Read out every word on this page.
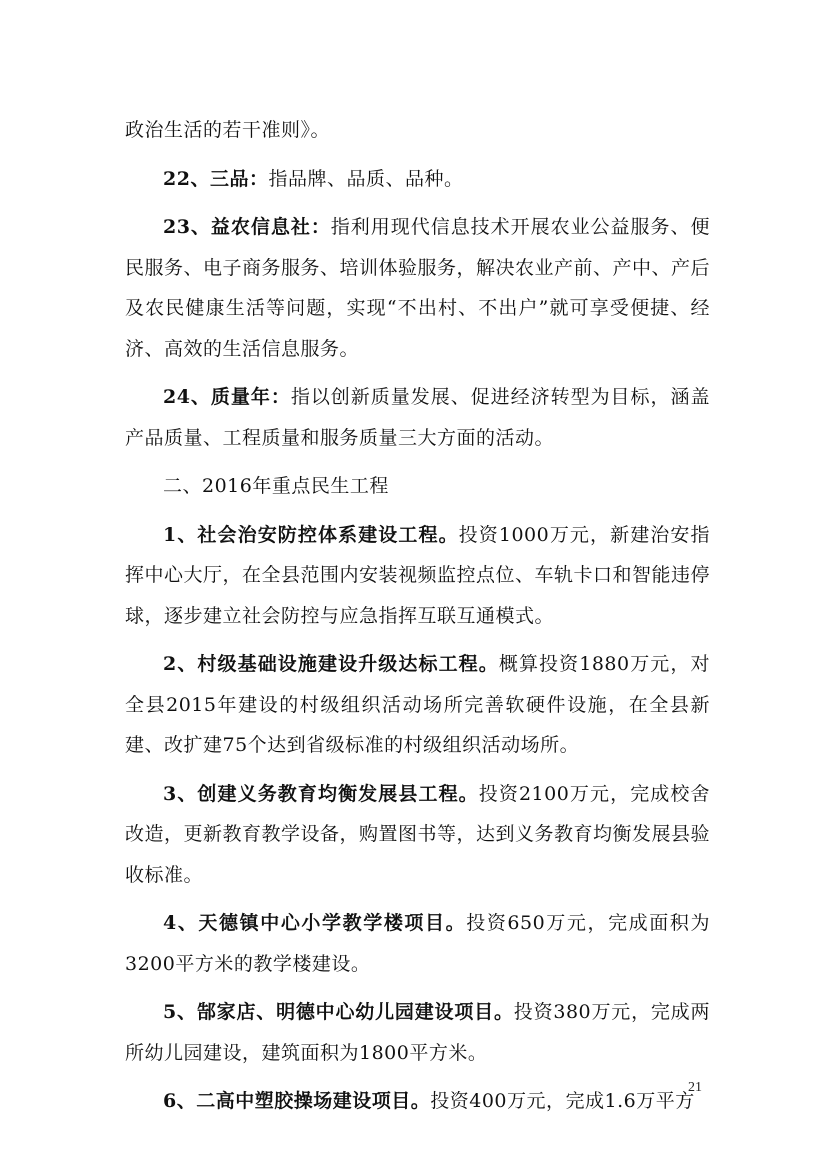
政治生活的若干准则》。

22、三品：指品牌、品质、品种。

23、益农信息社：指利用现代信息技术开展农业公益服务、便民服务、电子商务服务、培训体验服务，解决农业产前、产中、产后及农民健康生活等问题，实现“不出村、不出户”就可享受便捷、经济、高效的生活信息服务。

24、质量年：指以创新质量发展、促进经济转型为目标，涵盖产品质量、工程质量和服务质量三大方面的活动。

二、2016年重点民生工程

1、社会治安防控体系建设工程。投资1000万元，新建治安指挥中心大厅，在全县范围内安装视频监控点位、车轨卡口和智能违停球，逐步建立社会防控与应急指挥互联互通模式。

2、村级基础设施建设升级达标工程。概算投资1880万元，对全县2015年建设的村级组织活动场所完善软硬件设施，在全县新建、改扩建75个达到省级标准的村级组织活动场所。

3、创建义务教育均衡发展县工程。投资2100万元，完成校舍改造，更新教育教学设备，购置图书等，达到义务教育均衡发展县验收标准。

4、天德镇中心小学教学楼项目。投资650万元，完成面积为3200平方米的教学楼建设。

5、郜家店、明德中心幼儿园建设项目。投资380万元，完成两所幼儿园建设，建筑面积为1800平方米。

6、二高中塑胶操场建设项目。投资400万元，完成1.6万平方

21
